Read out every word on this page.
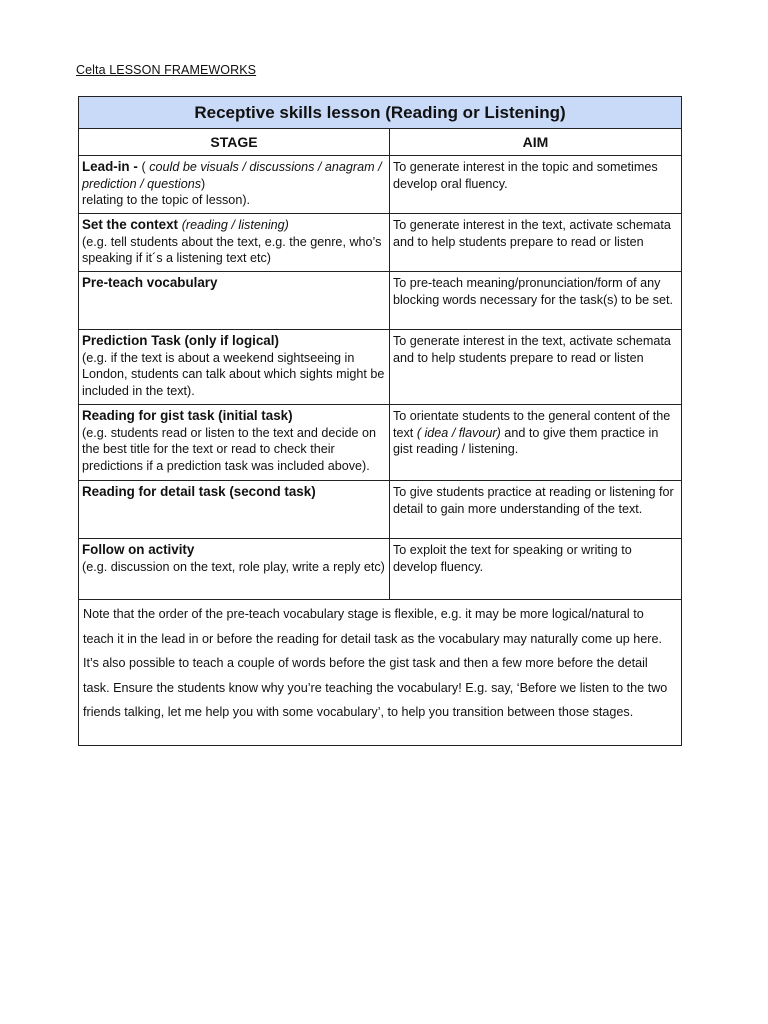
Celta LESSON FRAMEWORKS
Receptive skills lesson (Reading or Listening)	
STAGE	AIM
Lead-in - ( could be visuals / discussions / anagram / prediction / questions)
relating to the topic of lesson).	To generate interest in the topic and sometimes develop oral fluency.
Set the context (reading / listening)
(e.g. tell students about the text, e.g. the genre, who’s speaking if it´s a listening text etc)	To generate interest in the text, activate schemata and to help students prepare to read or listen
Pre-teach vocabulary	To pre-teach meaning/pronunciation/form of any blocking words necessary for the task(s) to be set.
Prediction Task (only if logical)
(e.g. if the text is about a weekend sightseeing in London, students can talk about which sights might be included in the text).	To generate interest in the text, activate schemata and to help students prepare to read or listen
Reading for gist task (initial task)
(e.g. students read or listen to the text and decide on the best title for the text or read to check their predictions if a prediction task was included above).	To orientate students to the general content of the text ( idea / flavour) and to give them practice in gist reading / listening.
Reading for detail task (second task)	To give students practice at reading or listening for detail to gain more understanding of the text.
Follow on activity
(e.g. discussion on the text, role play, write a reply etc)	To exploit the text for speaking or writing to develop fluency.
Note that the order of the pre-teach vocabulary stage is flexible, e.g. it may be more logical/natural to teach it in the lead in or before the reading for detail task as the vocabulary may naturally come up here. It’s also possible to teach a couple of words before the gist task and then a few more before the detail task. Ensure the students know why you’re teaching the vocabulary! E.g. say, ‘Before we listen to the two friends talking, let me help you with some vocabulary’, to help you transition between those stages.	
